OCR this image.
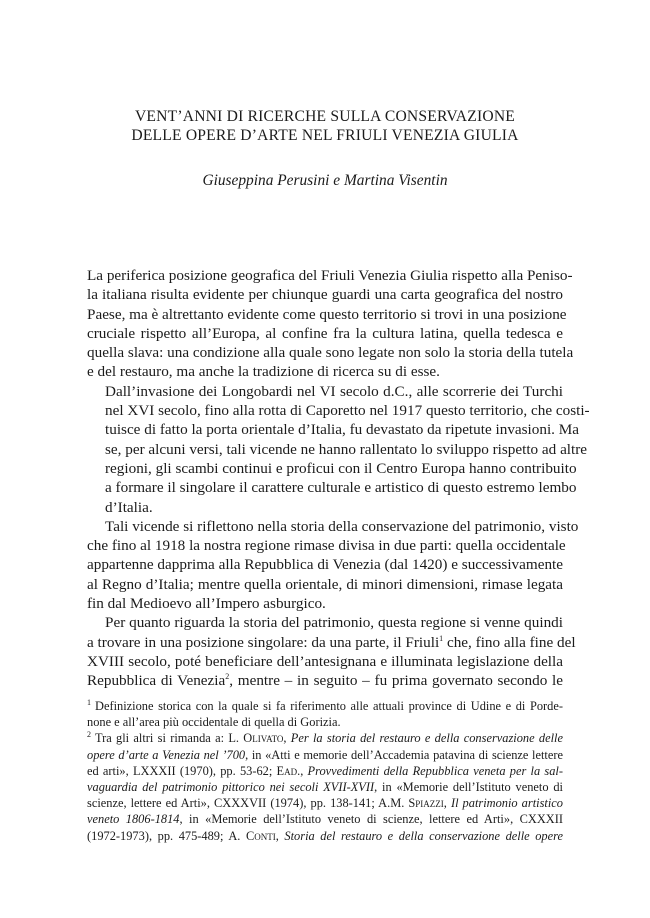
VENT’ANNI DI RICERCHE SULLA CONSERVAZIONE
DELLE OPERE D’ARTE NEL FRIULI VENEZIA GIULIA
Giuseppina Perusini e Martina Visentin

La periferica posizione geografica del Friuli Venezia Giulia rispetto alla Peniso-
la italiana risulta evidente per chiunque guardi una carta geografica del nostro
Paese, ma è altrettanto evidente come questo territorio si trovi in una posizione
cruciale rispetto all’Europa, al confine fra la cultura latina, quella tedesca e
quella slava: una condizione alla quale sono legate non solo la storia della tutela
e del restauro, ma anche la tradizione di ricerca su di esse.

Dall’invasione dei Longobardi nel VI secolo d.C., alle scorrerie dei Turchi
nel XVI secolo, fino alla rotta di Caporetto nel 1917 questo territorio, che costi-
tuisce di fatto la porta orientale d’Italia, fu devastato da ripetute invasioni. Ma
se, per alcuni versi, tali vicende ne hanno rallentato lo sviluppo rispetto ad altre
regioni, gli scambi continui e proficui con il Centro Europa hanno contribuito
a formare il singolare il carattere culturale e artistico di questo estremo lembo
d’Italia.

Tali vicende si riflettono nella storia della conservazione del patrimonio, visto
che fino al 1918 la nostra regione rimase divisa in due parti: quella occidentale
appartenne dapprima alla Repubblica di Venezia (dal 1420) e successivamente
al Regno d’Italia; mentre quella orientale, di minori dimensioni, rimase legata
fin dal Medioevo all’Impero asburgico.

Per quanto riguarda la storia del patrimonio, questa regione si venne quindi
a trovare in una posizione singolare: da una parte, il Friuli$^1$ che, fino alla fine del
XVIII secolo, poté beneficiare dell’antesignana e illuminata legislazione della
Repubblica di Venezia$^2$, mentre – in seguito – fu prima governato secondo le

$^1$ Definizione storica con la quale si fa riferimento alle attuali province di Udine e di Porde-
none e all’area più occidentale di quella di Gorizia.
$^2$ Tra gli altri si rimanda a: L. Olivato, Per la storia del restauro e della conservazione delle
opere d’arte a Venezia nel ’700, in «Atti e memorie dell’Accademia patavina di scienze lettere
ed arti», LXXXII (1970), pp. 53-62; Ead., Provvedimenti della Repubblica veneta per la sal-
vaguardia del patrimonio pittorico nei secoli XVII-XVII, in «Memorie dell’Istituto veneto di
scienze, lettere ed Arti», CXXXVII (1974), pp. 138-141; A.M. Spiazzi, Il patrimonio artistico
veneto 1806-1814, in «Memorie dell’Istituto veneto di scienze, lettere ed Arti», CXXXII
(1972-1973), pp. 475-489; A. Conti, Storia del restauro e della conservazione delle opere
